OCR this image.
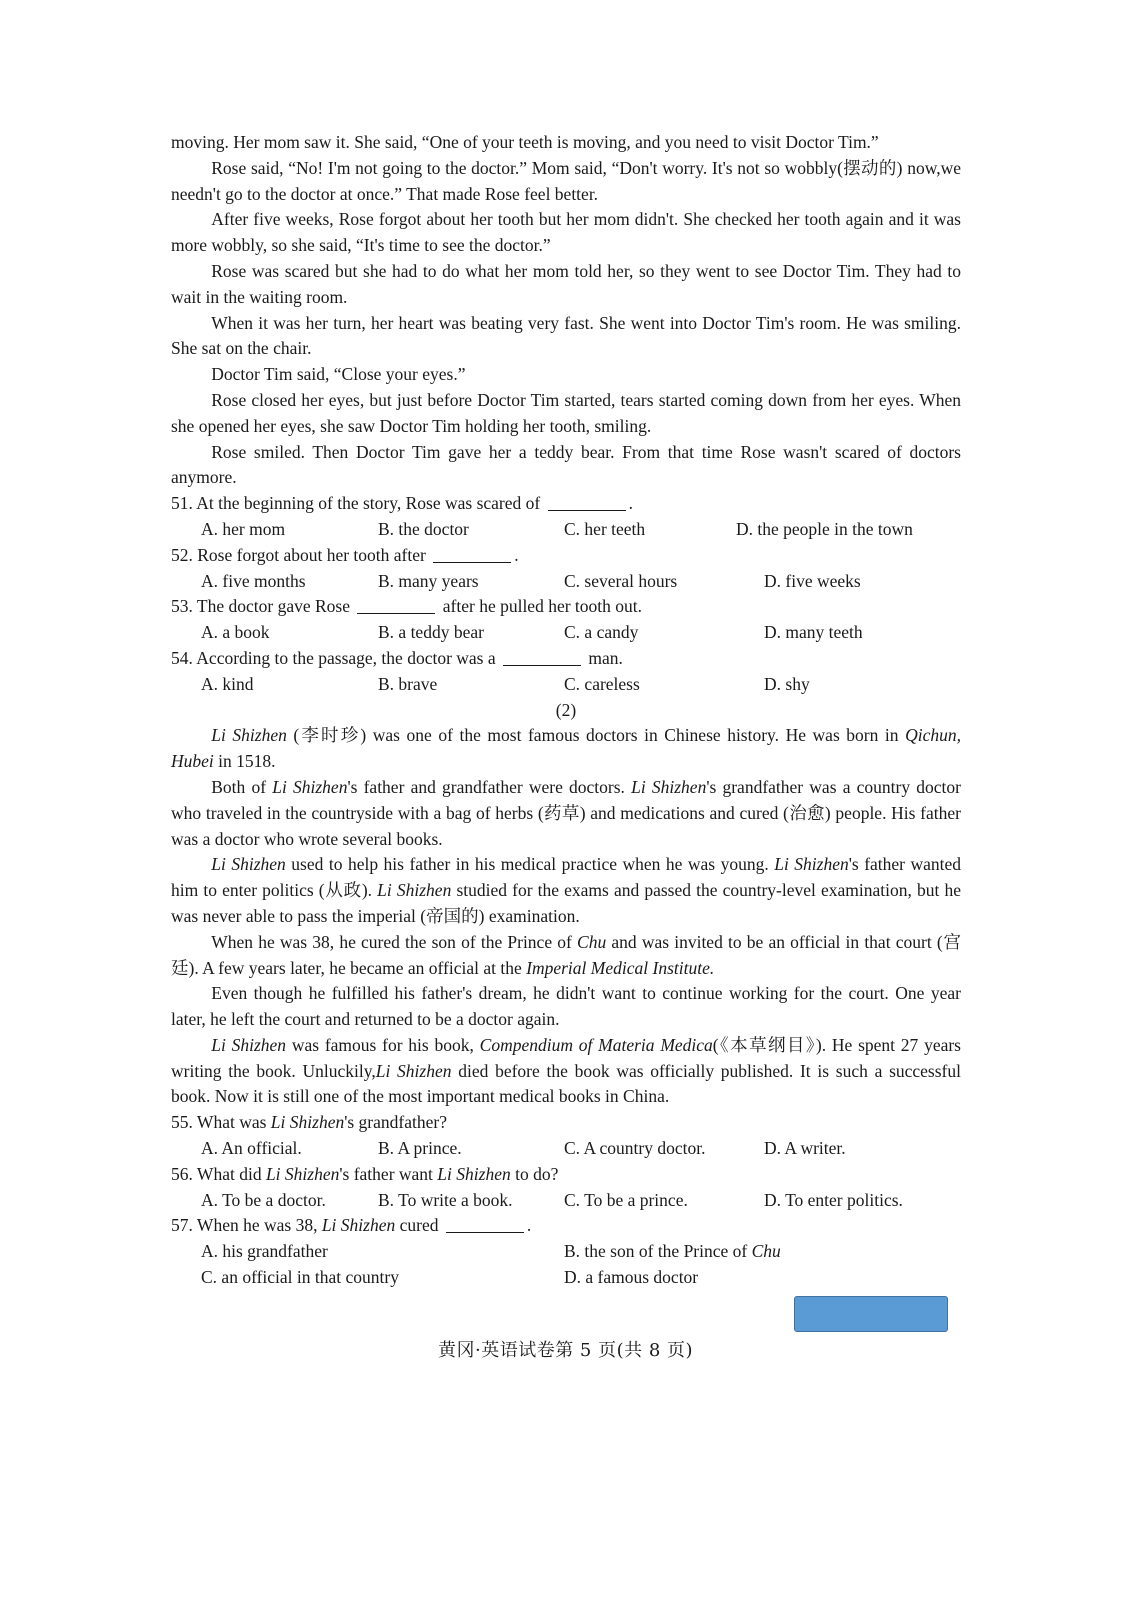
moving. Her mom saw it. She said, “One of your teeth is moving, and you need to visit Doctor Tim.”

Rose said, “No! I'm not going to the doctor.” Mom said, “Don't worry. It's not so wobbly(摆动的) now,we needn't go to the doctor at once.” That made Rose feel better.

After five weeks, Rose forgot about her tooth but her mom didn't. She checked her tooth again and it was more wobbly, so she said, “It's time to see the doctor.”

Rose was scared but she had to do what her mom told her, so they went to see Doctor Tim. They had to wait in the waiting room.

When it was her turn, her heart was beating very fast. She went into Doctor Tim's room. He was smiling. She sat on the chair.

Doctor Tim said, “Close your eyes.”

Rose closed her eyes, but just before Doctor Tim started, tears started coming down from her eyes. When she opened her eyes, she saw Doctor Tim holding her tooth, smiling.

Rose smiled. Then Doctor Tim gave her a teddy bear. From that time Rose wasn't scared of doctors anymore.

51. At the beginning of the story, Rose was scared of	.

A. her mom	B. the doctor	C. her teeth	D. the people in the town

52. Rose forgot about her tooth after	.

A. five months	B. many years	C. several hours	D. five weeks

53. The doctor gave Rose	after he pulled her tooth out.

A. a book	B. a teddy bear	C. a candy	D. many teeth

54. According to the passage, the doctor was a	man.

A. kind	B. brave	C. careless	D. shy

(2)

Li Shizhen (李时珍) was one of the most famous doctors in Chinese history. He was born in Qichun, Hubei in 1518.

Both of Li Shizhen's father and grandfather were doctors. Li Shizhen's grandfather was a country doctor who traveled in the countryside with a bag of herbs (药草) and medications and cured (治愈) people. His father was a doctor who wrote several books.

Li Shizhen used to help his father in his medical practice when he was young. Li Shizhen's father wanted him to enter politics (从政). Li Shizhen studied for the exams and passed the country-level examination, but he was never able to pass the imperial (帝国的) examination.

When he was 38, he cured the son of the Prince of Chu and was invited to be an official in that court (宫廷). A few years later, he became an official at the Imperial Medical Institute.

Even though he fulfilled his father's dream, he didn't want to continue working for the court. One year later, he left the court and returned to be a doctor again.

Li Shizhen was famous for his book, Compendium of Materia Medica(《本草纲目》). He spent 27 years writing the book. Unluckily,Li Shizhen died before the book was officially published. It is such a successful book. Now it is still one of the most important medical books in China.

55. What was Li Shizhen's grandfather?

A. An official.	B. A prince.	C. A country doctor.	D. A writer.

56. What did Li Shizhen's father want Li Shizhen to do?

A. To be a doctor.	B. To write a book.	C. To be a prince.	D. To enter politics.

57. When he was 38, Li Shizhen cured	.

A. his grandfather	B. the son of the Prince of Chu
C. an official in that country	D. a famous doctor
黄冈·英语试卷第 5 页(共 8 页)
